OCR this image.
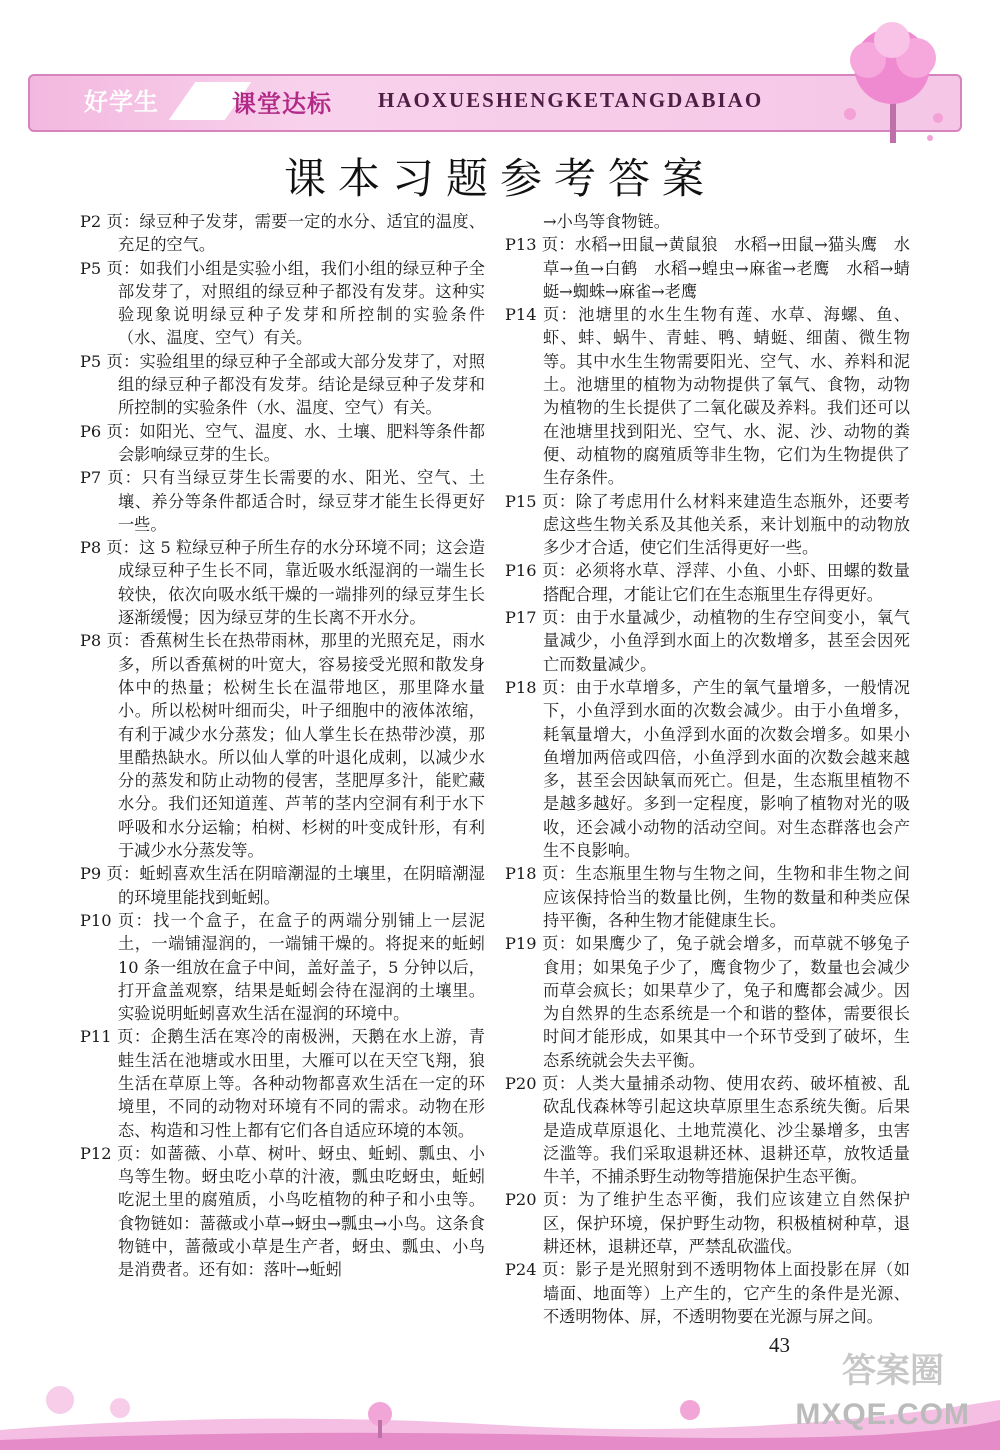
好学生	课堂达标 HAOXUESHENGKETANGDABIAO
课本习题参考答案

P2 页：绿豆种子发芽，需要一定的水分、适宜的温度、充足的空气。

P5 页：如我们小组是实验小组，我们小组的绿豆种子全部发芽了，对照组的绿豆种子都没有发芽。这种实验现象说明绿豆种子发芽和所控制的实验条件（水、温度、空气）有关。

P5 页：实验组里的绿豆种子全部或大部分发芽了，对照组的绿豆种子都没有发芽。结论是绿豆种子发芽和所控制的实验条件（水、温度、空气）有关。

P6 页：如阳光、空气、温度、水、土壤、肥料等条件都会影响绿豆芽的生长。

P7 页：只有当绿豆芽生长需要的水、阳光、空气、土壤、养分等条件都适合时，绿豆芽才能生长得更好一些。

P8 页：这 5 粒绿豆种子所生存的水分环境不同；这会造成绿豆种子生长不同，靠近吸水纸湿润的一端生长较快，依次向吸水纸干燥的一端排列的绿豆芽生长逐渐缓慢；因为绿豆芽的生长离不开水分。

P8 页：香蕉树生长在热带雨林，那里的光照充足，雨水多，所以香蕉树的叶宽大，容易接受光照和散发身体中的热量；松树生长在温带地区，那里降水量小。所以松树叶细而尖，叶子细胞中的液体浓缩，有利于减少水分蒸发；仙人掌生长在热带沙漠，那里酷热缺水。所以仙人掌的叶退化成刺，以减少水分的蒸发和防止动物的侵害，茎肥厚多汁，能贮藏水分。我们还知道莲、芦苇的茎内空洞有利于水下呼吸和水分运输；柏树、杉树的叶变成针形，有利于减少水分蒸发等。

P9 页：蚯蚓喜欢生活在阴暗潮湿的土壤里，在阴暗潮湿的环境里能找到蚯蚓。

P10 页：找一个盒子，在盒子的两端分别铺上一层泥土，一端铺湿润的，一端铺干燥的。将捉来的蚯蚓 10 条一组放在盒子中间，盖好盖子，5 分钟以后，打开盒盖观察，结果是蚯蚓会待在湿润的土壤里。实验说明蚯蚓喜欢生活在湿润的环境中。

P11 页：企鹅生活在寒冷的南极洲，天鹅在水上游，青蛙生活在池塘或水田里，大雁可以在天空飞翔，狼生活在草原上等。各种动物都喜欢生活在一定的环境里，不同的动物对环境有不同的需求。动物在形态、构造和习性上都有它们各自适应环境的本领。

P12 页：如蔷薇、小草、树叶、蚜虫、蚯蚓、瓢虫、小鸟等生物。蚜虫吃小草的汁液，瓢虫吃蚜虫，蚯蚓吃泥土里的腐殖质，小鸟吃植物的种子和小虫等。食物链如：蔷薇或小草→蚜虫→瓢虫→小鸟。这条食物链中，蔷薇或小草是生产者，蚜虫、瓢虫、小鸟是消费者。还有如：落叶→蚯蚓

→小鸟等食物链。

P13 页：水稻→田鼠→黄鼠狼　水稻→田鼠→猫头鹰　水草→鱼→白鹤　水稻→蝗虫→麻雀→老鹰　水稻→蜻蜓→蜘蛛→麻雀→老鹰

P14 页：池塘里的水生生物有莲、水草、海螺、鱼、虾、蚌、蜗牛、青蛙、鸭、蜻蜓、细菌、微生物等。其中水生生物需要阳光、空气、水、养料和泥土。池塘里的植物为动物提供了氧气、食物，动物为植物的生长提供了二氧化碳及养料。我们还可以在池塘里找到阳光、空气、水、泥、沙、动物的粪便、动植物的腐殖质等非生物，它们为生物提供了生存条件。

P15 页：除了考虑用什么材料来建造生态瓶外，还要考虑这些生物关系及其他关系，来计划瓶中的动物放多少才合适，使它们生活得更好一些。

P16 页：必须将水草、浮萍、小鱼、小虾、田螺的数量搭配合理，才能让它们在生态瓶里生存得更好。

P17 页：由于水量减少，动植物的生存空间变小，氧气量减少，小鱼浮到水面上的次数增多，甚至会因死亡而数量减少。

P18 页：由于水草增多，产生的氧气量增多，一般情况下，小鱼浮到水面的次数会减少。由于小鱼增多，耗氧量增大，小鱼浮到水面的次数会增多。如果小鱼增加两倍或四倍，小鱼浮到水面的次数会越来越多，甚至会因缺氧而死亡。但是，生态瓶里植物不是越多越好。多到一定程度，影响了植物对光的吸收，还会减小动物的活动空间。对生态群落也会产生不良影响。

P18 页：生态瓶里生物与生物之间，生物和非生物之间应该保持恰当的数量比例，生物的数量和种类应保持平衡，各种生物才能健康生长。

P19 页：如果鹰少了，兔子就会增多，而草就不够兔子食用；如果兔子少了，鹰食物少了，数量也会减少而草会疯长；如果草少了，兔子和鹰都会减少。因为自然界的生态系统是一个和谐的整体，需要很长时间才能形成，如果其中一个环节受到了破坏，生态系统就会失去平衡。

P20 页：人类大量捕杀动物、使用农药、破坏植被、乱砍乱伐森林等引起这块草原里生态系统失衡。后果是造成草原退化、土地荒漠化、沙尘暴增多，虫害泛滥等。我们采取退耕还林、退耕还草，放牧适量牛羊，不捕杀野生动物等措施保护生态平衡。

P20 页：为了维护生态平衡，我们应该建立自然保护区，保护环境，保护野生动物，积极植树种草，退耕还林，退耕还草，严禁乱砍滥伐。

P24 页：影子是光照射到不透明物体上面投影在屏（如墙面、地面等）上产生的，它产生的条件是光源、不透明物体、屏，不透明物要在光源与屏之间。

43
答案圈
MXQE.COM
